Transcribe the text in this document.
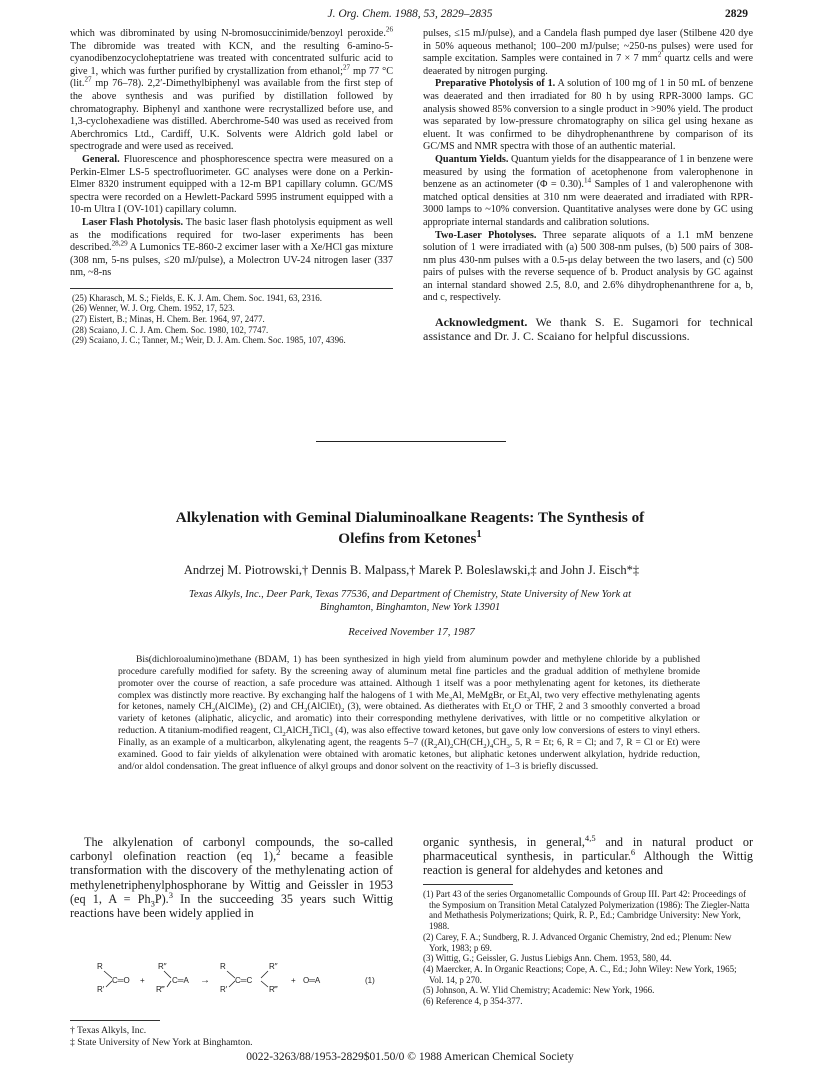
J. Org. Chem. 1988, 53, 2829–2835	2829

which was dibrominated by using N-bromosuccinimide/benzoyl peroxide.$^{26}$ The dibromide was treated with KCN, and the resulting 6-amino-5-cyanodibenzocycloheptatriene was treated with concentrated sulfuric acid to give 1, which was further purified by crystallization from ethanol;$^{27}$ mp 77 °C (lit.$^{27}$ mp 76–78). 2,2′-Dimethylbiphenyl was available from the first step of the above synthesis and was purified by distillation followed by chromatography. Biphenyl and xanthone were recrystallized before use, and 1,3-cyclohexadiene was distilled. Aberchrome-540 was used as received from Aberchromics Ltd., Cardiff, U.K. Solvents were Aldrich gold label or spectrograde and were used as received.

General. Fluorescence and phosphorescence spectra were measured on a Perkin-Elmer LS-5 spectrofluorimeter. GC analyses were done on a Perkin-Elmer 8320 instrument equipped with a 12-m BP1 capillary column. GC/MS spectra were recorded on a Hewlett-Packard 5995 instrument equipped with a 10-m Ultra I (OV-101) capillary column.

Laser Flash Photolysis. The basic laser flash photolysis equipment as well as the modifications required for two-laser experiments has been described.$^{28,29}$ A Lumonics TE-860-2 excimer laser with a Xe/HCl gas mixture (308 nm, 5-ns pulses, ≤20 mJ/pulse), a Molectron UV-24 nitrogen laser (337 nm, ~8-ns

(25) Kharasch, M. S.; Fields, E. K. J. Am. Chem. Soc. 1941, 63, 2316.
(26) Wenner, W. J. Org. Chem. 1952, 17, 523.
(27) Eistert, B.; Minas, H. Chem. Ber. 1964, 97, 2477.
(28) Scaiano, J. C. J. Am. Chem. Soc. 1980, 102, 7747.
(29) Scaiano, J. C.; Tanner, M.; Weir, D. J. Am. Chem. Soc. 1985, 107, 4396.

pulses, ≤15 mJ/pulse), and a Candela flash pumped dye laser (Stilbene 420 dye in 50% aqueous methanol; 100–200 mJ/pulse; ~250-ns pulses) were used for sample excitation. Samples were contained in 7 × 7 $mm^2$ quartz cells and were deaerated by nitrogen purging.

Preparative Photolysis of 1. A solution of 100 mg of 1 in 50 mL of benzene was deaerated and then irradiated for 80 h by using RPR-3000 lamps. GC analysis showed 85% conversion to a single product in >90% yield. The product was separated by low-pressure chromatography on silica gel using hexane as eluent. It was confirmed to be dihydrophenanthrene by comparison of its GC/MS and NMR spectra with those of an authentic material.

Quantum Yields. Quantum yields for the disappearance of 1 in benzene were measured by using the formation of acetophenone from valerophenone in benzene as an actinometer (Φ = 0.30).$^{14}$ Samples of 1 and valerophenone with matched optical densities at 310 nm were deaerated and irradiated with RPR-3000 lamps to ~10% conversion. Quantitative analyses were done by GC using appropriate internal standards and calibration solutions.

Two-Laser Photolyses. Three separate aliquots of a 1.1 mM benzene solution of 1 were irradiated with (a) 500 308-nm pulses, (b) 500 pairs of 308-nm plus 430-nm pulses with a 0.5-μs delay between the two lasers, and (c) 500 pairs of pulses with the reverse sequence of b. Product analysis by GC against an internal standard showed 2.5, 8.0, and 2.6% dihydrophenanthrene for a, b, and c, respectively.

Acknowledgment. We thank S. E. Sugamori for technical assistance and Dr. J. C. Scaiano for helpful discussions.

Alkylenation with Geminal Dialuminoalkane Reagents: The Synthesis of
Olefins from Ketones$^1$
Andrzej M. Piotrowski,† Dennis B. Malpass,† Marek P. Boleslawski,‡ and John J. Eisch*‡
Texas Alkyls, Inc., Deer Park, Texas 77536, and Department of Chemistry, State University of New York at
Binghamton, Binghamton, New York 13901
Received November 17, 1987
Bis(dichloroalumino)methane (BDAM, 1) has been synthesized in high yield from aluminum powder and methylene chloride by a published procedure carefully modified for safety. By the screening away of aluminum metal fine particles and the gradual addition of methylene bromide promoter over the course of reaction, a safe procedure was attained. Although 1 itself was a poor methylenating agent for ketones, its dietherate complex was distinctly more reactive. By exchanging half the halogens of 1 with $Me_3Al$, MeMgBr, or $Et_3Al$, two very effective methylenating agents for ketones, namely $CH_2(AlClMe)_2$ (2) and $CH_2(AlClEt)_2$ (3), were obtained. As dietherates with $Et_2O$ or THF, 2 and 3 smoothly converted a broad variety of ketones (aliphatic, alicyclic, and aromatic) into their corresponding methylene derivatives, with little or no competitive alkylation or reduction. A titanium-modified reagent, $Cl_2AlCH_2TiCl_3$ (4), was also effective toward ketones, but gave only low conversions of esters to vinyl ethers. Finally, as an example of a multicarbon, alkylenating agent, the reagents 5–7 ($(R_2Al)_2CH(CH_2)_4CH_3$, 5, R = Et; 6, R = Cl; and 7, R = Cl or Et) were examined. Good to fair yields of alkylenation were obtained with aromatic ketones, but aliphatic ketones underwent alkylation, hydride reduction, and/or aldol condensation. The great influence of alkyl groups and donor solvent on the reactivity of 1–3 is briefly discussed.
The alkylenation of carbonyl compounds, the so-called carbonyl olefination reaction (eq 1),$^2$ became a feasible transformation with the discovery of the methylenating action of methylenetriphenylphosphorane by Wittig and Geissler in 1953 (eq 1, $A = Ph_3P).^3$ In the succeeding 35 years such Wittig reactions have been widely applied in
R
R′
C═O +
R″
R‴
C═A →
R
R′
C═C
R″
R‴
+ O═A	(1)
† Texas Alkyls, Inc.
‡ State University of New York at Binghamton.
organic synthesis, in general,$^{4,5}$ and in natural product or pharmaceutical synthesis, in particular.$^6$ Although the Wittig reaction is general for aldehydes and ketones and
(1) Part 43 of the series Organometallic Compounds of Group III. Part 42: Proceedings of the Symposium on Transition Metal Catalyzed Polymerization (1986): The Ziegler-Natta and Methathesis Polymerizations; Quirk, R. P., Ed.; Cambridge University: New York, 1988.
(2) Carey, F. A.; Sundberg, R. J. Advanced Organic Chemistry, 2nd ed.; Plenum: New York, 1983; p 69.
(3) Wittig, G.; Geissler, G. Justus Liebigs Ann. Chem. 1953, 580, 44.
(4) Maercker, A. In Organic Reactions; Cope, A. C., Ed.; John Wiley: New York, 1965; Vol. 14, p 270.
(5) Johnson, A. W. Ylid Chemistry; Academic: New York, 1966.
(6) Reference 4, p 354-377.
0022-3263/88/1953-2829$01.50/0 © 1988 American Chemical Society
